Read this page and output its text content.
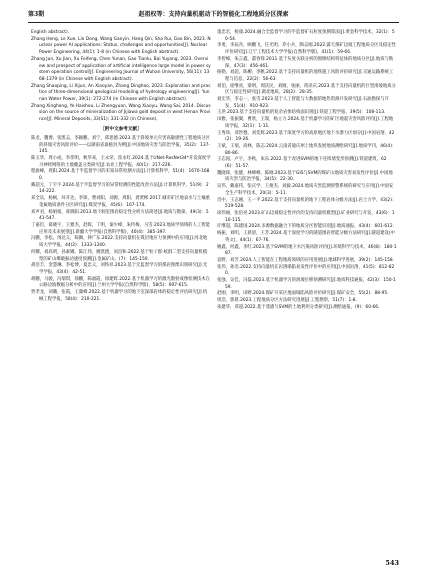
第3期	赵祖权等：支持向量机驱动下的智能化工程地质分区探索

English abstract).

Zhang Heng, Le Xue, Lin Dong, Wang Ganyin, Hang Qin, Sha Rui, Gao Bin, 2023. Nuclear power AI applications: Status, challenges and opportunities[J]. Nuclear Power Engineering, 44(1): 1-8 (in Chinese with English abstract).

Zhang Jun, Xu Jian, Xu Feifeng, Chen Yunan, Gao Tianlu, Bai Yuyang, 2023. Overview and prospect of application of artificial intelligence large model in power system operation control[J]. Engineering Journal of Wuhan University, 56(11): 1368-1379 (in Chinese with English abstract).

Zhang Shaoping, Li Xijun, An Xiaoyan, Zhang Dinghao, 2023. Exploration and practice of three-dimensional geological modeling of hydrology engineering[J]. Yunnan Water Power, 39(1): 272-274 (in Chinese with English abstract).

Zhang Xinghong, Ye Haishou, Li Zhengyuan, Wang Xiaoyu, Wang Sai, 2014. Discussion on the source of mineralization of Jijiawa gold deposit in west Henan Province[J]. Mineral Deposits, 33(S1): 331-332 (in Chinese).

［附中文参考文献］

陈龙，魏博，张凯志，李颖鹏，刘宁，邱思德.2023.基于斜坡单元灾害高敏感性工程地质分区的斜坡灾害风险评价——以湖南省桑植县为例[J].中国地质灾害与防治学报，35(2)：137-145.

陈玉华，周小成，李伟明，秋华来，王永荣，崔永红.2024.基于UNet-ResNet34*开发深度学习神经网络的土地覆盖分类研究[J].农业工程学报，40(1)：217-226.

程渝峰，周阳.2024.基于半监督学习的未知异常检测方法[J].计算机科学，51(4)：1670-1680.

戴超元，丁宇宇.2024.基于半监督学习的异常检测的性能改善方法[J].计算机科学，51(9)：214-222.

邓全乐，杨枫，环开达，李锋，曹刘阳，刘源，周阳，龚贤彬.2017.城市矿区地表水与土壤重金属地质条件分区研究[J].煤炭学报，45(6)：167-174.

邓声君，杨娟娟，聂晓阳.2013.地下洞室围岩稳定性分析方法简述[J].地质与勘探，49(3)：541-547.

丁嘉臣，葛晓宇，王雅杰，赵晖，丁明，秦少峰，朱传梅，马雪.2023.地质学领域的人工智能应用及未来展望[J].新疆大学学报(自然科学版)，40(4)：385-397.

冯鹏，李松，汤达义，陈腾，钟广东.2022.支持向量机在煤层地应力预测中的应用[J].河北地质大学学报，44(2)：1333-1340.

何耀，刘高明，孙素娜，陈江伟，姚凯德，刘昌和.2022.基于粒子群-蚁群二型支持向量机模型的矿山爆破振动速度预测[J].金属矿山，(7)：145-150.

胡浩丰，金慧琳，李松博，夏忠义，刘铁祥.2023.基于无监督学习的煤岩图像识别研究[J].光学学报，43(4)：42-51.

胡鹏，马骏，冯瑞琪，徐鹏，陈福霞，徐建辉.2022.基于机器学习的激光散射成像检测技术在公路边坡数据分析中的应用[J].兰州大学学报(自然科学版)，58(5)：607-615.

贾孝龙，刘璐，张霞，王冀峰.2022.基于机器学习的地下室深部岩体的稳定性评估研究[J].机械工程学报，58(4)：210-221.

童忠宏，杨康.2024.融合全监督学习的半监督矿石粒度预测算法[J].黄金科学技术，32(1)：50-54.

李勇，李辰舟，顾鹏飞，任光明，乔小兵，陶志刚.2022.露天煤矿边坡工程地质分区及稳定性评价研究[J].辽宁工程技术大学学报(自然科学版)，41(1)：59-66.

李智峰，朱言鑫，董春锋.2011.基于灰度关联分析的围堰结构特征体的地质分区[J].地质与勘探，47(3)：456-461.

杨勒，刘超，陈柳，李帆.2022.基于支持向量机的地铁施工风险评价研究[J].交通运输系统工程与信息，22(2)：56-63.

刘伯，庞继亮，梁明，周沃民，刘刚，张丽，蒋泽庆.2023.基于支持向量机的巨型滑坡地质分区与稳定性研究[J].湖北地质，28(2)：28-35.

刘宏华，李志一，张雪.2023.基于人工智能与大数据的地热资源开发研究[J].石油勘探与开发，51(4)：910-923.

王洪.2023.基于支持向量机的复杂岩体结构面识别[J].铁道工程学报，39(5)：108-113.

田雅，张振翼，曹欣，王瑞，杨立力.2024.基于机器学习的矿区地震灾害风险评价[J].工程地质学报，32(1)：1-11.

王秀珍，邓世德，刘奕辉.2023.基于深度学习的高原地区地下水潜力区划分[J].中国岩溶，42(2)：19-26.

王斌，王瑞，高林，陈志.2024.云南省迪庆州上地块发展地质测绘研究[J].地质学刊，46(4)：80-86.

王志国，卢宇，李秋，朱乐.2022.基于改进SVM的地下连续墙变形预测[J].铁道建筑，62(6)：51-57.

魏晓锋，张健，林峰峰，陈刚.2023.基于GIS与SVM的煤矿山地质灾害易发性评价[J].中国地质灾害与防治学报，34(5)：22-30.

吴伟，戴嘉伟，张庆学，王俊杰，刘毅.2024.地质灾害监测预警系统的研究与应用[J].中国安全生产科学技术，20(3)：5-11.

肖中，王志刚，王一平.2022.基于支持向量机的地下工程岩体分级方法[J].岩土力学，43(2)：519-528.

徐伟丽，张伯亮.2023.矿山边坡稳定性评价的支持向量机模型[J].矿业研究与开发，43(6)：110-115.

许继超，陈建国.2024.多源数据融合下的地质分区智能识别[J].地质通报，43(4)：601-612.

杨振，刘明，王晨晨，王芳.2024.基于深度学习的隧道围岩智能分级方法研究[J].隧道建设(中英文)，44(1)：67-76.

姚鑫，何鑫，李红.2023.基于SVM的地下水污染风险评价[J].环境科学与技术，46(8)：180-187.

袁野，刘芳.2024.人工智能在工程地质领域的应用进展[J].地球科学进展，39(2)：145-158.

张伟，孙浩.2022.支持向量机在岩溶塌陷易发性评价中的应用[J].中国岩溶，41(5)：812-820.

张强，吴佳，冯磊.2023.基于机器学习的滑坡位移预测研究[J].地质科技通报，42(3)：150-159.

赵刚，李明，田野.2024.煤矿开采区地面塌陷风险评价研究[J].煤矿安全，55(2)：88-95.

周浩，郭晨.2023.工程地质分区方法研究进展[J].工程勘察，51(7)：1-8.

朱建华，邓超.2022.基于遥感与SVM的土地利用分类研究[J].测绘通报，(9)：60-66.

543
